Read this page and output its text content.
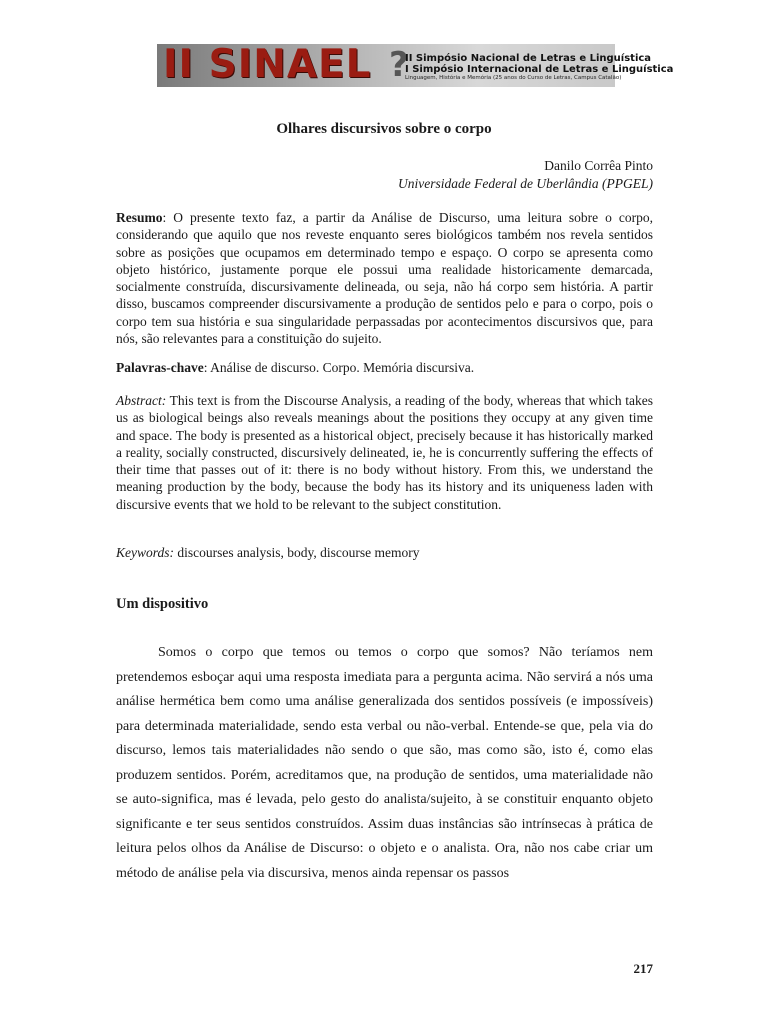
II SINAEL ?
II Simpósio Nacional de Letras e Linguística
I Simpósio Internacional de Letras e Linguística
Linguagem, História e Memória (25 anos do Curso de Letras, Campus Catalão)
Olhares discursivos sobre o corpo
Danilo Corrêa Pinto
Universidade Federal de Uberlândia (PPGEL)
Resumo: O presente texto faz, a partir da Análise de Discurso, uma leitura sobre o corpo, considerando que aquilo que nos reveste enquanto seres biológicos também nos revela sentidos sobre as posições que ocupamos em determinado tempo e espaço. O corpo se apresenta como objeto histórico, justamente porque ele possui uma realidade historicamente demarcada, socialmente construída, discursivamente delineada, ou seja, não há corpo sem história. A partir disso, buscamos compreender discursivamente a produção de sentidos pelo e para o corpo, pois o corpo tem sua história e sua singularidade perpassadas por acontecimentos discursivos que, para nós, são relevantes para a constituição do sujeito.
Palavras-chave: Análise de discurso. Corpo. Memória discursiva.
Abstract: This text is from the Discourse Analysis, a reading of the body, whereas that which takes us as biological beings also reveals meanings about the positions they occupy at any given time and space. The body is presented as a historical object, precisely because it has historically marked a reality, socially constructed, discursively delineated, ie, he is concurrently suffering the effects of their time that passes out of it: there is no body without history. From this, we understand the meaning production by the body, because the body has its history and its uniqueness laden with discursive events that we hold to be relevant to the subject constitution.
Keywords: discourses analysis, body, discourse memory
Um dispositivo
Somos o corpo que temos ou temos o corpo que somos? Não teríamos nem pretendemos esboçar aqui uma resposta imediata para a pergunta acima. Não servirá a nós uma análise hermética bem como uma análise generalizada dos sentidos possíveis (e impossíveis) para determinada materialidade, sendo esta verbal ou não-verbal. Entende-se que, pela via do discurso, lemos tais materialidades não sendo o que são, mas como são, isto é, como elas produzem sentidos. Porém, acreditamos que, na produção de sentidos, uma materialidade não se auto-significa, mas é levada, pelo gesto do analista/sujeito, à se constituir enquanto objeto significante e ter seus sentidos construídos. Assim duas instâncias são intrínsecas à prática de leitura pelos olhos da Análise de Discurso: o objeto e o analista. Ora, não nos cabe criar um método de análise pela via discursiva, menos ainda repensar os passos
217
